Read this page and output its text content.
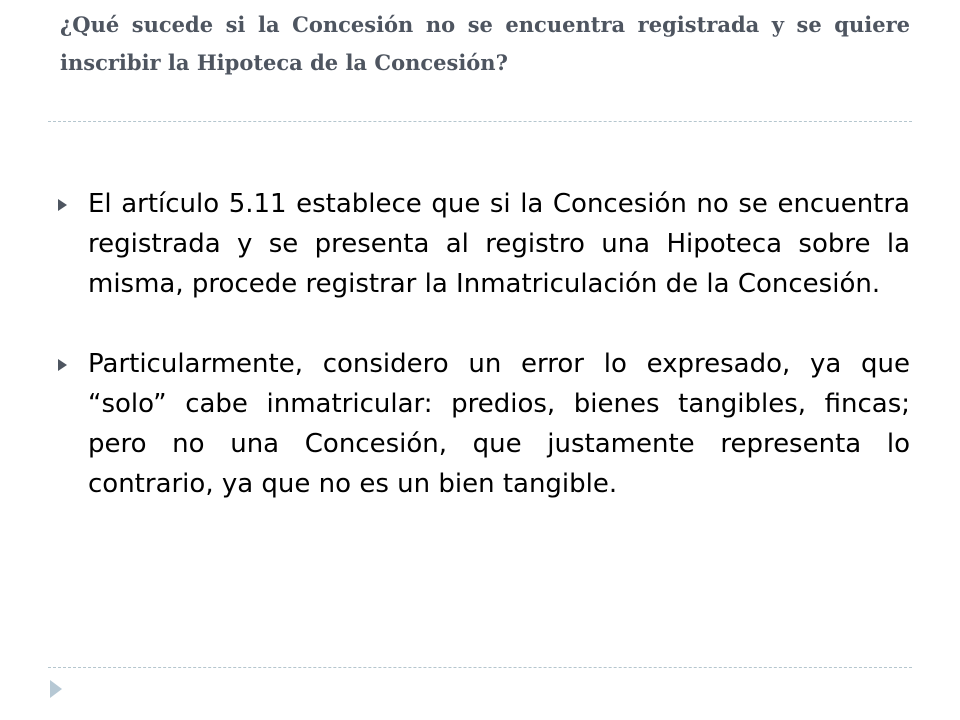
¿Qué sucede si la Concesión no se encuentra registrada y se quiere inscribir la Hipoteca de la Concesión?
El artículo 5.11 establece que si la Concesión no se encuentra registrada y se presenta al registro una Hipoteca sobre la misma, procede registrar la Inmatriculación de la Concesión.
Particularmente, considero un error lo expresado, ya que “solo” cabe inmatricular: predios, bienes tangibles, fincas; pero no una Concesión, que justamente representa lo contrario, ya que no es un bien tangible.
